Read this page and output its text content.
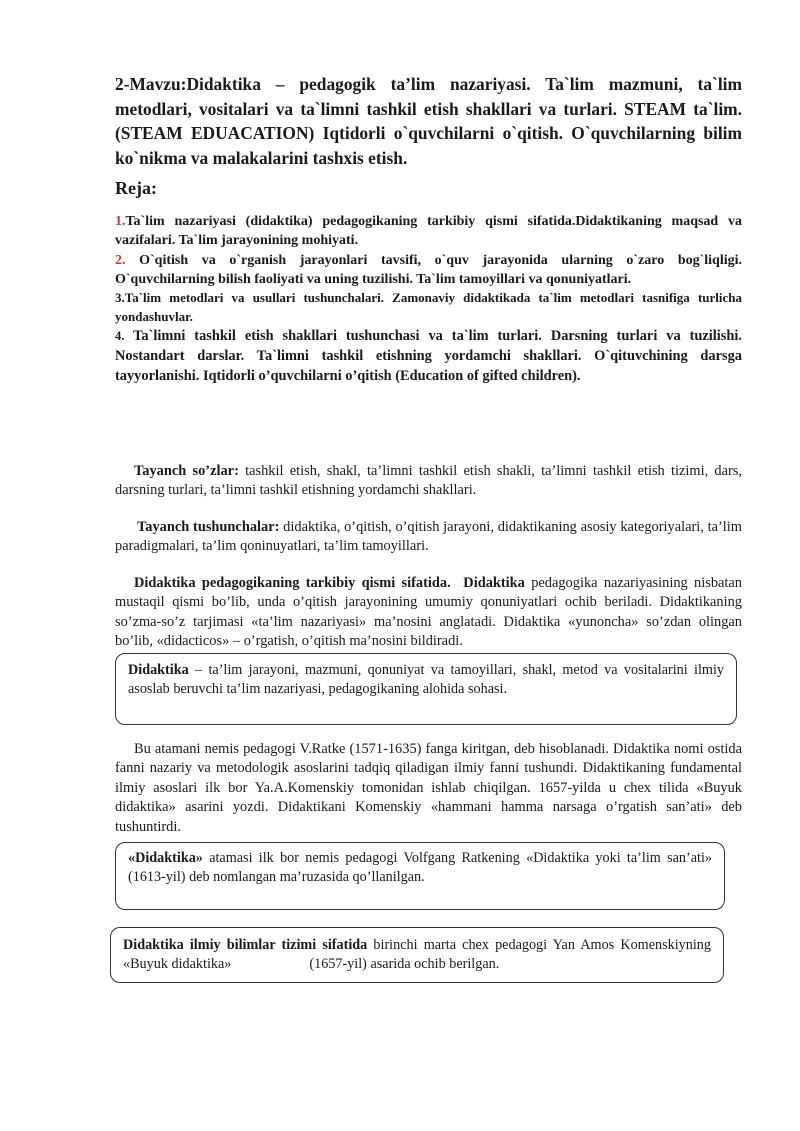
2-Mavzu:Didaktika – pedagogik ta’lim nazariyasi. Ta`lim mazmuni, ta`lim metodlari, vositalari va ta`limni tashkil etish shakllari va turlari. STEAM ta`lim.(STEAM EDUACATION) Iqtidorli o`quvchilarni o`qitish. O`quvchilarning bilim ko`nikma va malakalarini tashxis etish.
Reja:

1.Ta`lim nazariyasi (didaktika) pedagogikaning tarkibiy qismi sifatida.Didaktikaning maqsad va vazifalari. Ta`lim jarayonining mohiyati.

2. O`qitish va o`rganish jarayonlari tavsifi, o`quv jarayonida ularning o`zaro bog`liqligi. O`quvchilarning bilish faoliyati va uning tuzilishi. Ta`lim tamoyillari va qonuniyatlari.

3.Ta`lim metodlari va usullari tushunchalari. Zamonaviy didaktikada ta`lim metodlari tasnifiga turlicha yondashuvlar.

4. Ta`limni tashkil etish shakllari tushunchasi va ta`lim turlari. Darsning turlari va tuzilishi. Nostandart darslar. Ta`limni tashkil etishning yordamchi shakllari. O`qituvchining darsga tayyorlanishi. Iqtidorli o’quvchilarni o’qitish (Education of gifted children).

Tayanch so’zlar: tashkil etish, shakl, ta’limni tashkil etish shakli, ta’limni tashkil etish tizimi, dars, darsning turlari, ta’limni tashkil etishning yordamchi shakllari.

Tayanch tushunchalar: didaktika, o’qitish, o’qitish jarayoni, didaktikaning asosiy kategoriyalari, ta’lim paradigmalari, ta’lim qoninuyatlari, ta’lim tamoyillari.

Didaktika pedagogikaning tarkibiy qismi sifatida. Didaktika pedagogika nazariyasining nisbatan mustaqil qismi bo’lib, unda o’qitish jarayonining umumiy qonuniyatlari ochib beriladi. Didaktikaning so’zma-so’z tarjimasi «ta’lim nazariyasi» ma’nosini anglatadi. Didaktika «yunoncha» so’zdan olingan bo’lib, «didacticos» – o’rgatish, o’qitish ma’nosini bildiradi.

Didaktika – ta’lim jarayoni, mazmuni, qonuniyat va tamoyillari, shakl, metod va vositalarini ilmiy asoslab beruvchi ta’lim nazariyasi, pedagogikaning alohida sohasi.

Bu atamani nemis pedagogi V.Ratke (1571-1635) fanga kiritgan, deb hisoblanadi. Didaktika nomi ostida fanni nazariy va metodologik asoslarini tadqiq qiladigan ilmiy fanni tushundi. Didaktikaning fundamental ilmiy asoslari ilk bor Ya.A.Komenskiy tomonidan ishlab chiqilgan. 1657-yilda u chex tilida «Buyuk didaktika» asarini yozdi. Didaktikani Komenskiy «hammani hamma narsaga o’rgatish san’ati» deb tushuntirdi.

«Didaktika» atamasi ilk bor nemis pedagogi Volfgang Ratkening «Didaktika yoki ta’lim san’ati» (1613-yil) deb nomlangan ma’ruzasida qo’llanilgan.
Didaktika ilmiy bilimlar tizimi sifatida birinchi marta chex pedagogi Yan Amos Komenskiyning «Buyuk didaktika»	(1657-yil) asarida ochib berilgan.
